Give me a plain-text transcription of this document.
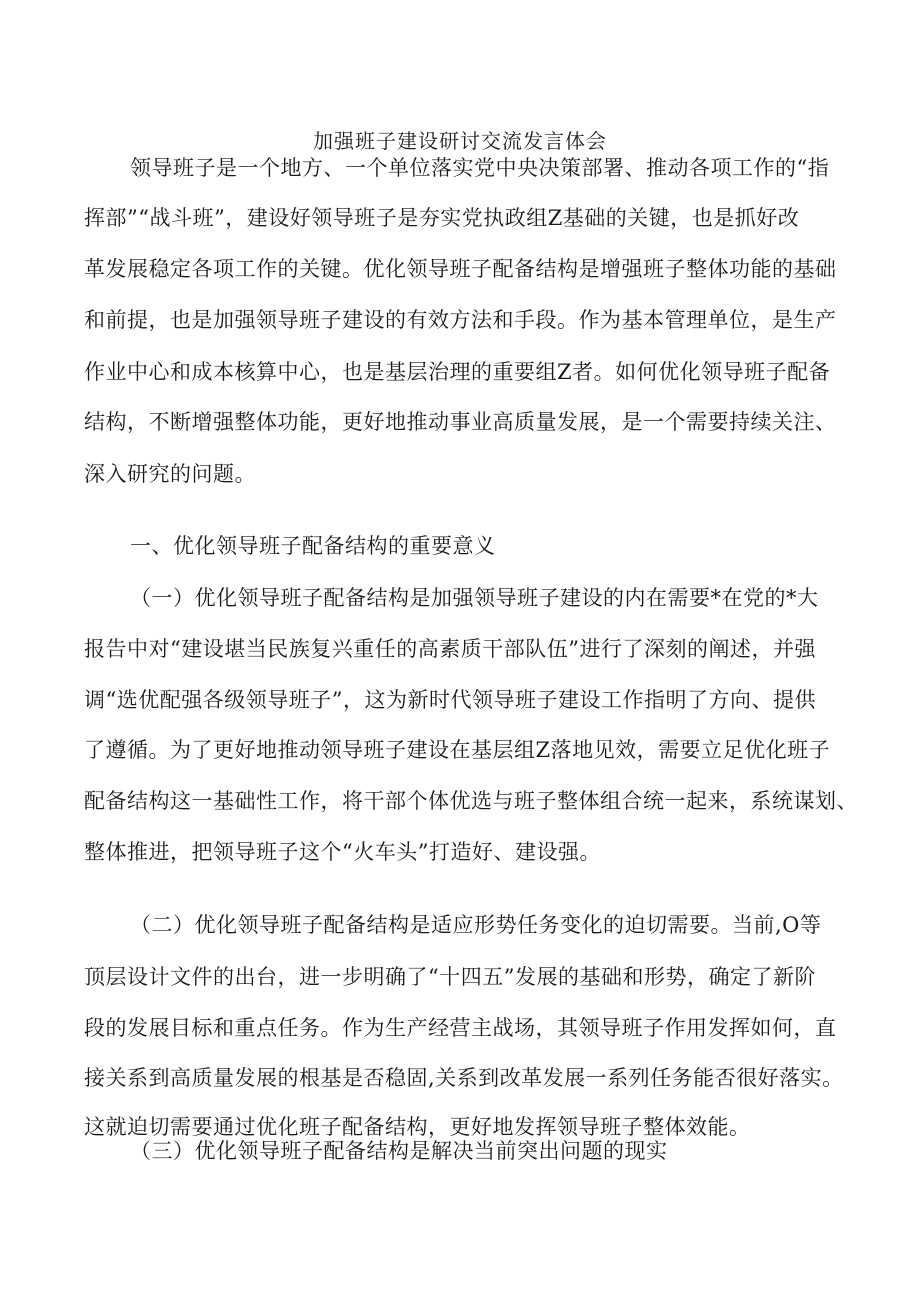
加强班子建设研讨交流发言体会
领导班子是一个地方、一个单位落实党中央决策部署、推动各项工作的“指
挥部”“战斗班”，建设好领导班子是夯实党执政组Z基础的关键，也是抓好改
革发展稳定各项工作的关键。优化领导班子配备结构是增强班子整体功能的基础
和前提，也是加强领导班子建设的有效方法和手段。作为基本管理单位，是生产
作业中心和成本核算中心，也是基层治理的重要组Z者。如何优化领导班子配备
结构，不断增强整体功能，更好地推动事业高质量发展，是一个需要持续关注、
深入研究的问题。
一、优化领导班子配备结构的重要意义
（一）优化领导班子配备结构是加强领导班子建设的内在需要*在党的*大
报告中对“建设堪当民族复兴重任的高素质干部队伍”进行了深刻的阐述，并强
调“选优配强各级领导班子”，这为新时代领导班子建设工作指明了方向、提供
了遵循。为了更好地推动领导班子建设在基层组Z落地见效，需要立足优化班子
配备结构这一基础性工作，将干部个体优选与班子整体组合统一起来，系统谋划、
整体推进，把领导班子这个“火车头”打造好、建设强。
（二）优化领导班子配备结构是适应形势任务变化的迫切需要。当前,O等
顶层设计文件的出台，进一步明确了“十四五”发展的基础和形势，确定了新阶
段的发展目标和重点任务。作为生产经营主战场，其领导班子作用发挥如何，直
接关系到高质量发展的根基是否稳固,关系到改革发展一系列任务能否很好落实。
这就迫切需要通过优化班子配备结构，更好地发挥领导班子整体效能。
（三）优化领导班子配备结构是解决当前突出问题的现实
